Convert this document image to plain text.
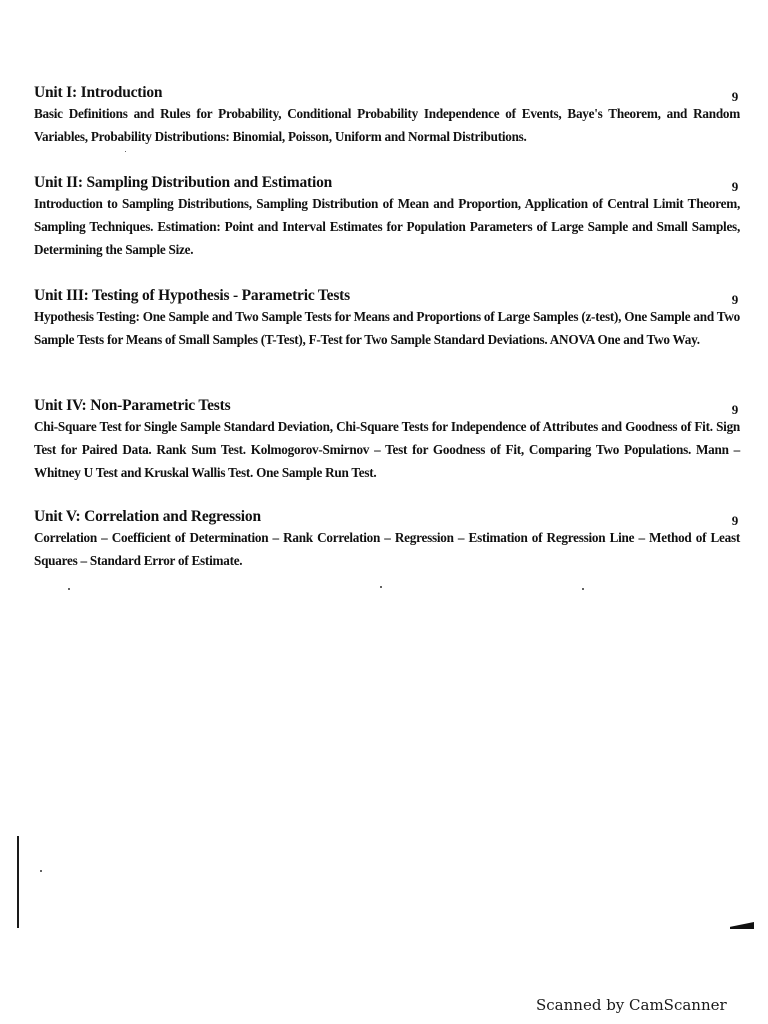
Unit I: Introduction	9
Basic Definitions and Rules for Probability, Conditional Probability Independence of Events, Baye's Theorem, and Random Variables, Probability Distributions: Binomial, Poisson, Uniform and Normal Distributions.
Unit II: Sampling Distribution and Estimation	9
Introduction to Sampling Distributions, Sampling Distribution of Mean and Proportion, Application of Central Limit Theorem, Sampling Techniques. Estimation: Point and Interval Estimates for Population Parameters of Large Sample and Small Samples, Determining the Sample Size.
Unit III: Testing of Hypothesis - Parametric Tests	9
Hypothesis Testing: One Sample and Two Sample Tests for Means and Proportions of Large Samples (z-test), One Sample and Two Sample Tests for Means of Small Samples (T-Test), F-Test for Two Sample Standard Deviations. ANOVA One and Two Way.
Unit IV: Non-Parametric Tests	9
Chi-Square Test for Single Sample Standard Deviation, Chi-Square Tests for Independence of Attributes and Goodness of Fit. Sign Test for Paired Data. Rank Sum Test. Kolmogorov-Smirnov – Test for Goodness of Fit, Comparing Two Populations. Mann – Whitney U Test and Kruskal Wallis Test. One Sample Run Test.
Unit V: Correlation and Regression	9
Correlation – Coefficient of Determination – Rank Correlation – Regression – Estimation of Regression Line – Method of Least Squares – Standard Error of Estimate.
Scanned by CamScanner
